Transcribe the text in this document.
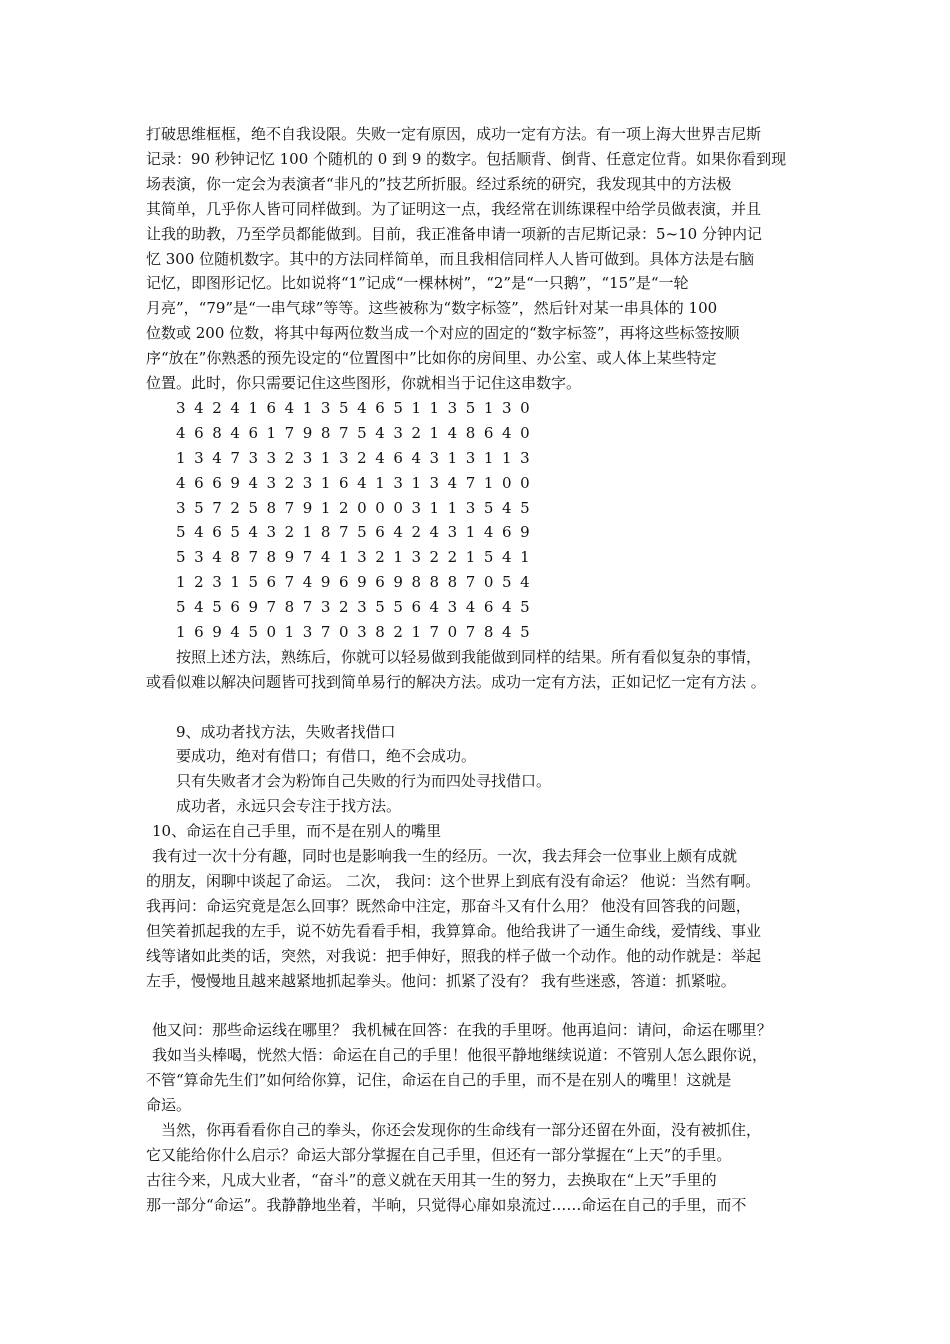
打破思维框框，绝不自我设限。失败一定有原因，成功一定有方法。有一项上海大世界吉尼斯
记录：90 秒钟记忆 100 个随机的 0 到 9 的数字。包括顺背、倒背、任意定位背。如果你看到现
场表演，你一定会为表演者“非凡的”技艺所折服。经过系统的研究，我发现其中的方法极
其简单，几乎你人皆可同样做到。为了证明这一点，我经常在训练课程中给学员做表演，并且
让我的助教，乃至学员都能做到。目前，我正准备申请一项新的吉尼斯记录：5~10 分钟内记
忆 300 位随机数字。其中的方法同样简单，而且我相信同样人人皆可做到。具体方法是右脑
记忆，即图形记忆。比如说将“1”记成“一棵林树”，“2”是“一只鹅”，“15”是“一轮
月亮”，“79”是“一串气球”等等。这些被称为“数字标签”，然后针对某一串具体的 100
位数或 200 位数，将其中每两位数当成一个对应的固定的“数字标签”，再将这些标签按顺
序“放在”你熟悉的预先设定的“位置图中”比如你的房间里、办公室、或人体上某些特定
位置。此时，你只需要记住这些图形，你就相当于记住这串数字。
3 4 2 4 1 6 4 1 3 5 4 6 5 1 1 3 5 1 3 0
4 6 8 4 6 1 7 9 8 7 5 4 3 2 1 4 8 6 4 0
1 3 4 7 3 3 2 3 1 3 2 4 6 4 3 1 3 1 1 3
4 6 6 9 4 3 2 3 1 6 4 1 3 1 3 4 7 1 0 0
3 5 7 2 5 8 7 9 1 2 0 0 0 3 1 1 3 5 4 5
5 4 6 5 4 3 2 1 8 7 5 6 4 2 4 3 1 4 6 9
5 3 4 8 7 8 9 7 4 1 3 2 1 3 2 2 1 5 4 1
1 2 3 1 5 6 7 4 9 6 9 6 9 8 8 8 7 0 5 4
5 4 5 6 9 7 8 7 3 2 3 5 5 6 4 3 4 6 4 5
1 6 9 4 5 0 1 3 7 0 3 8 2 1 7 0 7 8 4 5
按照上述方法，熟练后，你就可以轻易做到我能做到同样的结果。所有看似复杂的事情，
或看似难以解决问题皆可找到简单易行的解决方法。成功一定有方法，正如记忆一定有方法 。
9、成功者找方法，失败者找借口
要成功，绝对有借口；有借口，绝不会成功。
只有失败者才会为粉饰自己失败的行为而四处寻找借口。
成功者，永远只会专注于找方法。
10、命运在自己手里，而不是在别人的嘴里
我有过一次十分有趣，同时也是影响我一生的经历。一次，我去拜会一位事业上颇有成就
的朋友，闲聊中谈起了命运。 二次， 我问：这个世界上到底有没有命运？ 他说：当然有啊。
我再问：命运究竟是怎么回事？既然命中注定，那奋斗又有什么用？ 他没有回答我的问题，
但笑着抓起我的左手，说不妨先看看手相，我算算命。他给我讲了一通生命线，爱情线、事业
线等诸如此类的话，突然，对我说：把手伸好，照我的样子做一个动作。他的动作就是：举起
左手，慢慢地且越来越紧地抓起拳头。他问：抓紧了没有？ 我有些迷惑，答道：抓紧啦。
他又问：那些命运线在哪里？ 我机械在回答：在我的手里呀。他再追问：请问，命运在哪里？
我如当头棒喝，恍然大悟：命运在自己的手里！他很平静地继续说道：不管别人怎么跟你说，
不管“算命先生们”如何给你算，记住，命运在自己的手里，而不是在别人的嘴里！这就是
命运。
当然，你再看看你自己的拳头，你还会发现你的生命线有一部分还留在外面，没有被抓住，
它又能给你什么启示？命运大部分掌握在自己手里，但还有一部分掌握在“上天”的手里。
古往今来，凡成大业者，“奋斗”的意义就在天用其一生的努力，去换取在“上天”手里的
那一部分“命运”。我静静地坐着，半晌，只觉得心扉如泉流过……命运在自己的手里，而不
